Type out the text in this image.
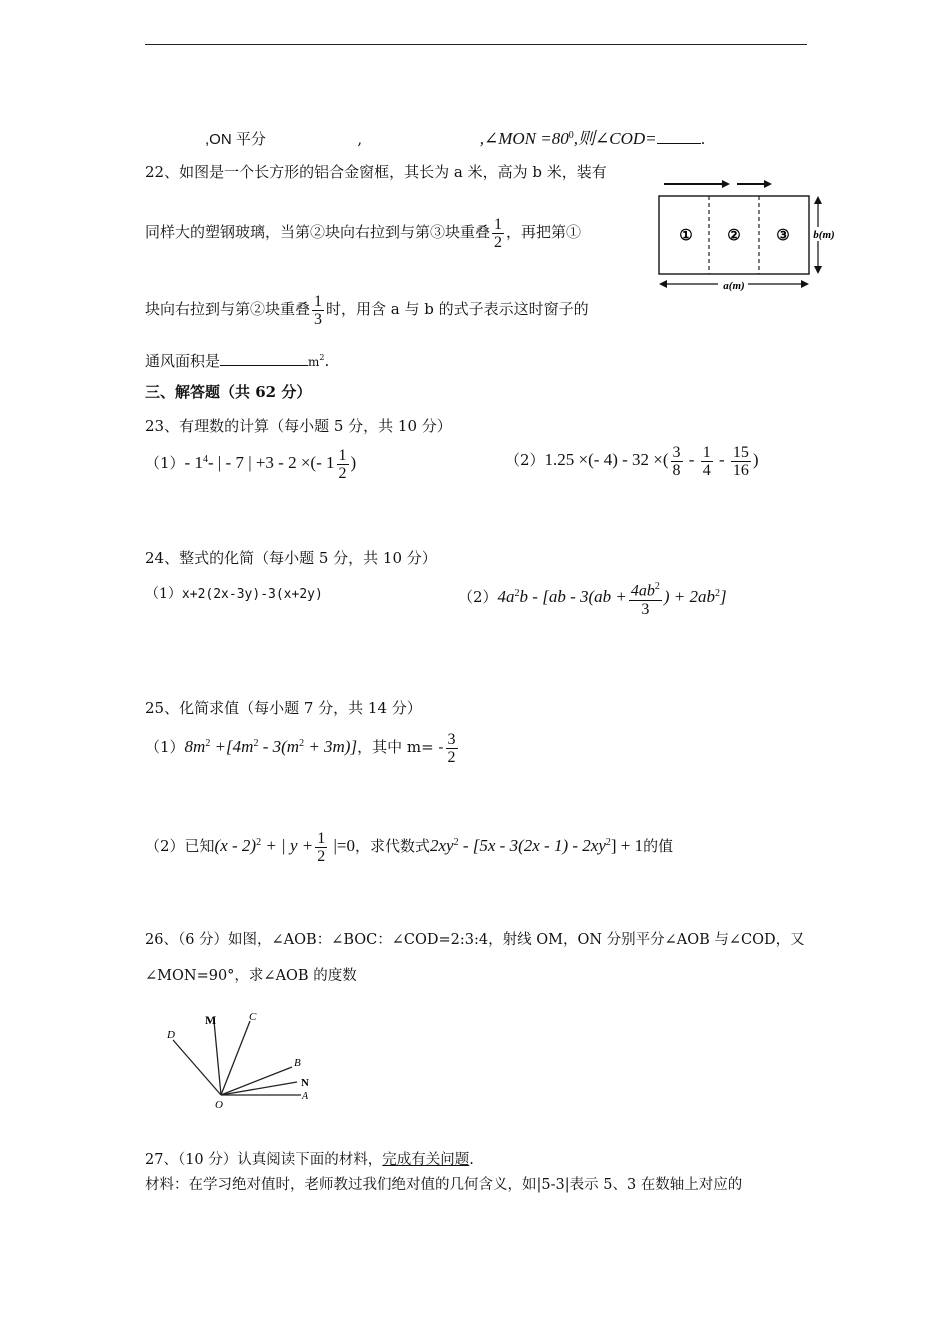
,ON 平分	,	,∠MON $=80^0$,则∠COD=	.
22、如图是一个长方形的铝合金窗框，其长为 a 米，高为 b 米，装有
同样大的塑钢玻璃，当第②块向右拉到与第③块重叠 $\frac{1}{2}$ ，再把第①
块向右拉到与第②块重叠 $\frac{1}{3}$ 时，用含 a 与 b 的式子表示这时窗子的
通风面积是	$m^2$.
① ② ③ b(m)
a(m)
三、解答题（共 62 分）
23、有理数的计算（每小题 5 分，共 10 分）
（1）- $1^4-$ | - 7 | +3 - 2 ×(- $1 \frac{1}{2}$ )	（2）1.25 ×(- 4) - 32 ×( $\frac{3}{8} - \frac{1}{4} - \frac{15}{16}$ )
24、整式的化简（每小题 5 分，共 10 分）
（1）x+2(2x-3y)-3(x+2y)	$(2)4a^2b - [ab - 3(ab + \frac{4ab^2}{3}$ ) + $2ab^2$]
25、化简求值（每小题 7 分，共 14 分）
$(1)8m^2 +[4m^2 - 3(m^2 + 3m)]$，其中 $m= - \frac{3}{2}$
（2）已知(x - 2)$^2$ + | $y + \frac{1}{2} |=0$，求代数式$2xy^2 - [5x - 3(2x - 1) - 2xy^2] + 1$的值
26、（6 分）如图，∠AOB：∠BOC：∠COD=2:3:4，射线 OM，ON 分别平分∠AOB 与∠COD，又
∠MON=90°，求∠AOB 的度数
D
M	C
B
N
O
A
27、（10 分）认真阅读下面的材料，完成有关问题.
材料：在学习绝对值时，老师教过我们绝对值的几何含义，如|5-3|表示 5、3 在数轴上对应的
